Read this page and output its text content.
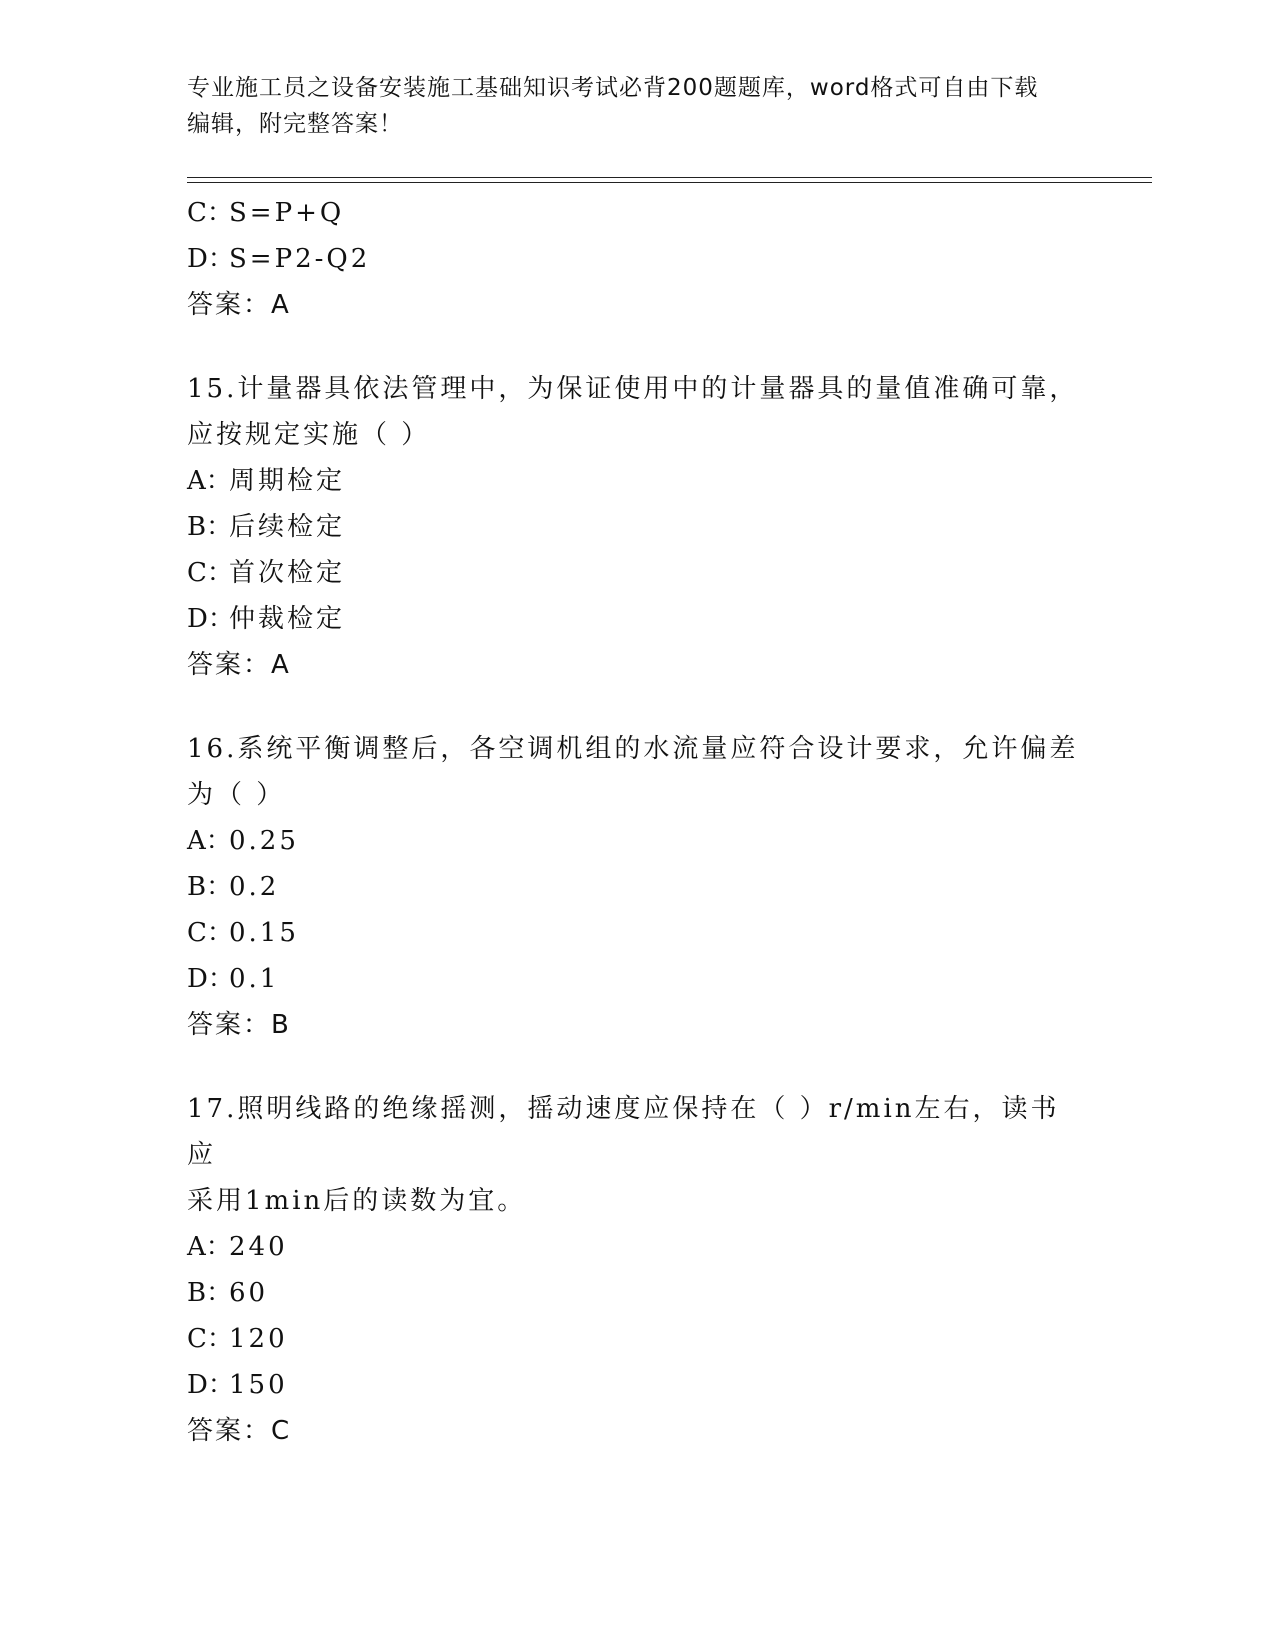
专业施工员之设备安装施工基础知识考试必背200题题库，word格式可自由下载
编辑，附完整答案！
C：S=P+Q
D：S=P2-Q2
答案：A
15.计量器具依法管理中，为保证使用中的计量器具的量值准确可靠，
应按规定实施（ ）
A：周期检定
B：后续检定
C：首次检定
D：仲裁检定
答案：A
16.系统平衡调整后，各空调机组的水流量应符合设计要求，允许偏差
为（ ）
A：0.25
B：0.2
C：0.15
D：0.1
答案：B
17.照明线路的绝缘摇测，摇动速度应保持在（ ）r/min左右，读书应
采用1min后的读数为宜。
A：240
B：60
C：120
D：150
答案：C
